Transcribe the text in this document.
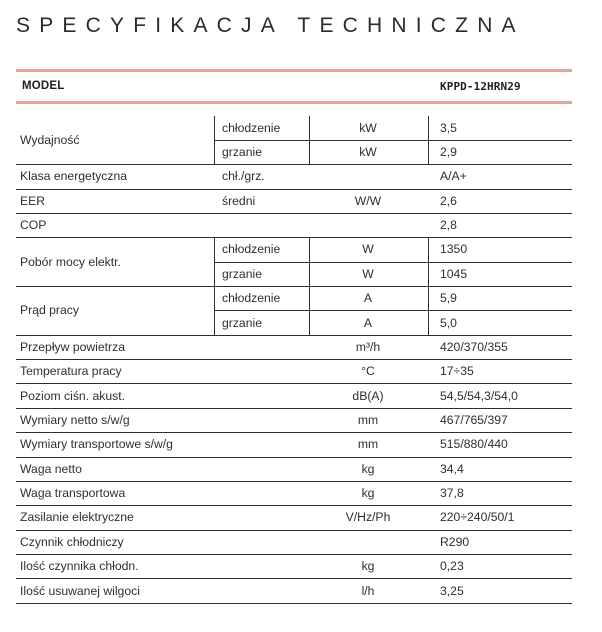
SPECYFIKACJA TECHNICZNA
MODEL	KPPD-12HRN29
Wydajność
chłodzenie	kW	3,5
grzanie	kW	2,9
Klasa energetyczna	chł./grz.	A/A+
EER	średni	W/W	2,6
COP	2,8
Pobór mocy elektr.
chłodzenie	W	1350
grzanie	W	1045
Prąd pracy
chłodzenie	A	5,9
grzanie	A	5,0
Przepływ powietrza	m³/h	420/370/355
Temperatura pracy	°C	17÷35
Poziom ciśn. akust.	dB(A)	54,5/54,3/54,0
Wymiary netto s/w/g	mm	467/765/397
Wymiary transportowe s/w/g	mm	515/880/440
Waga netto	kg	34,4
Waga transportowa	kg	37,8
Zasilanie elektryczne	V/Hz/Ph	220÷240/50/1
Czynnik chłodniczy	R290
Ilość czynnika chłodn.	kg	0,23
Ilość usuwanej wilgoci	l/h	3,25
